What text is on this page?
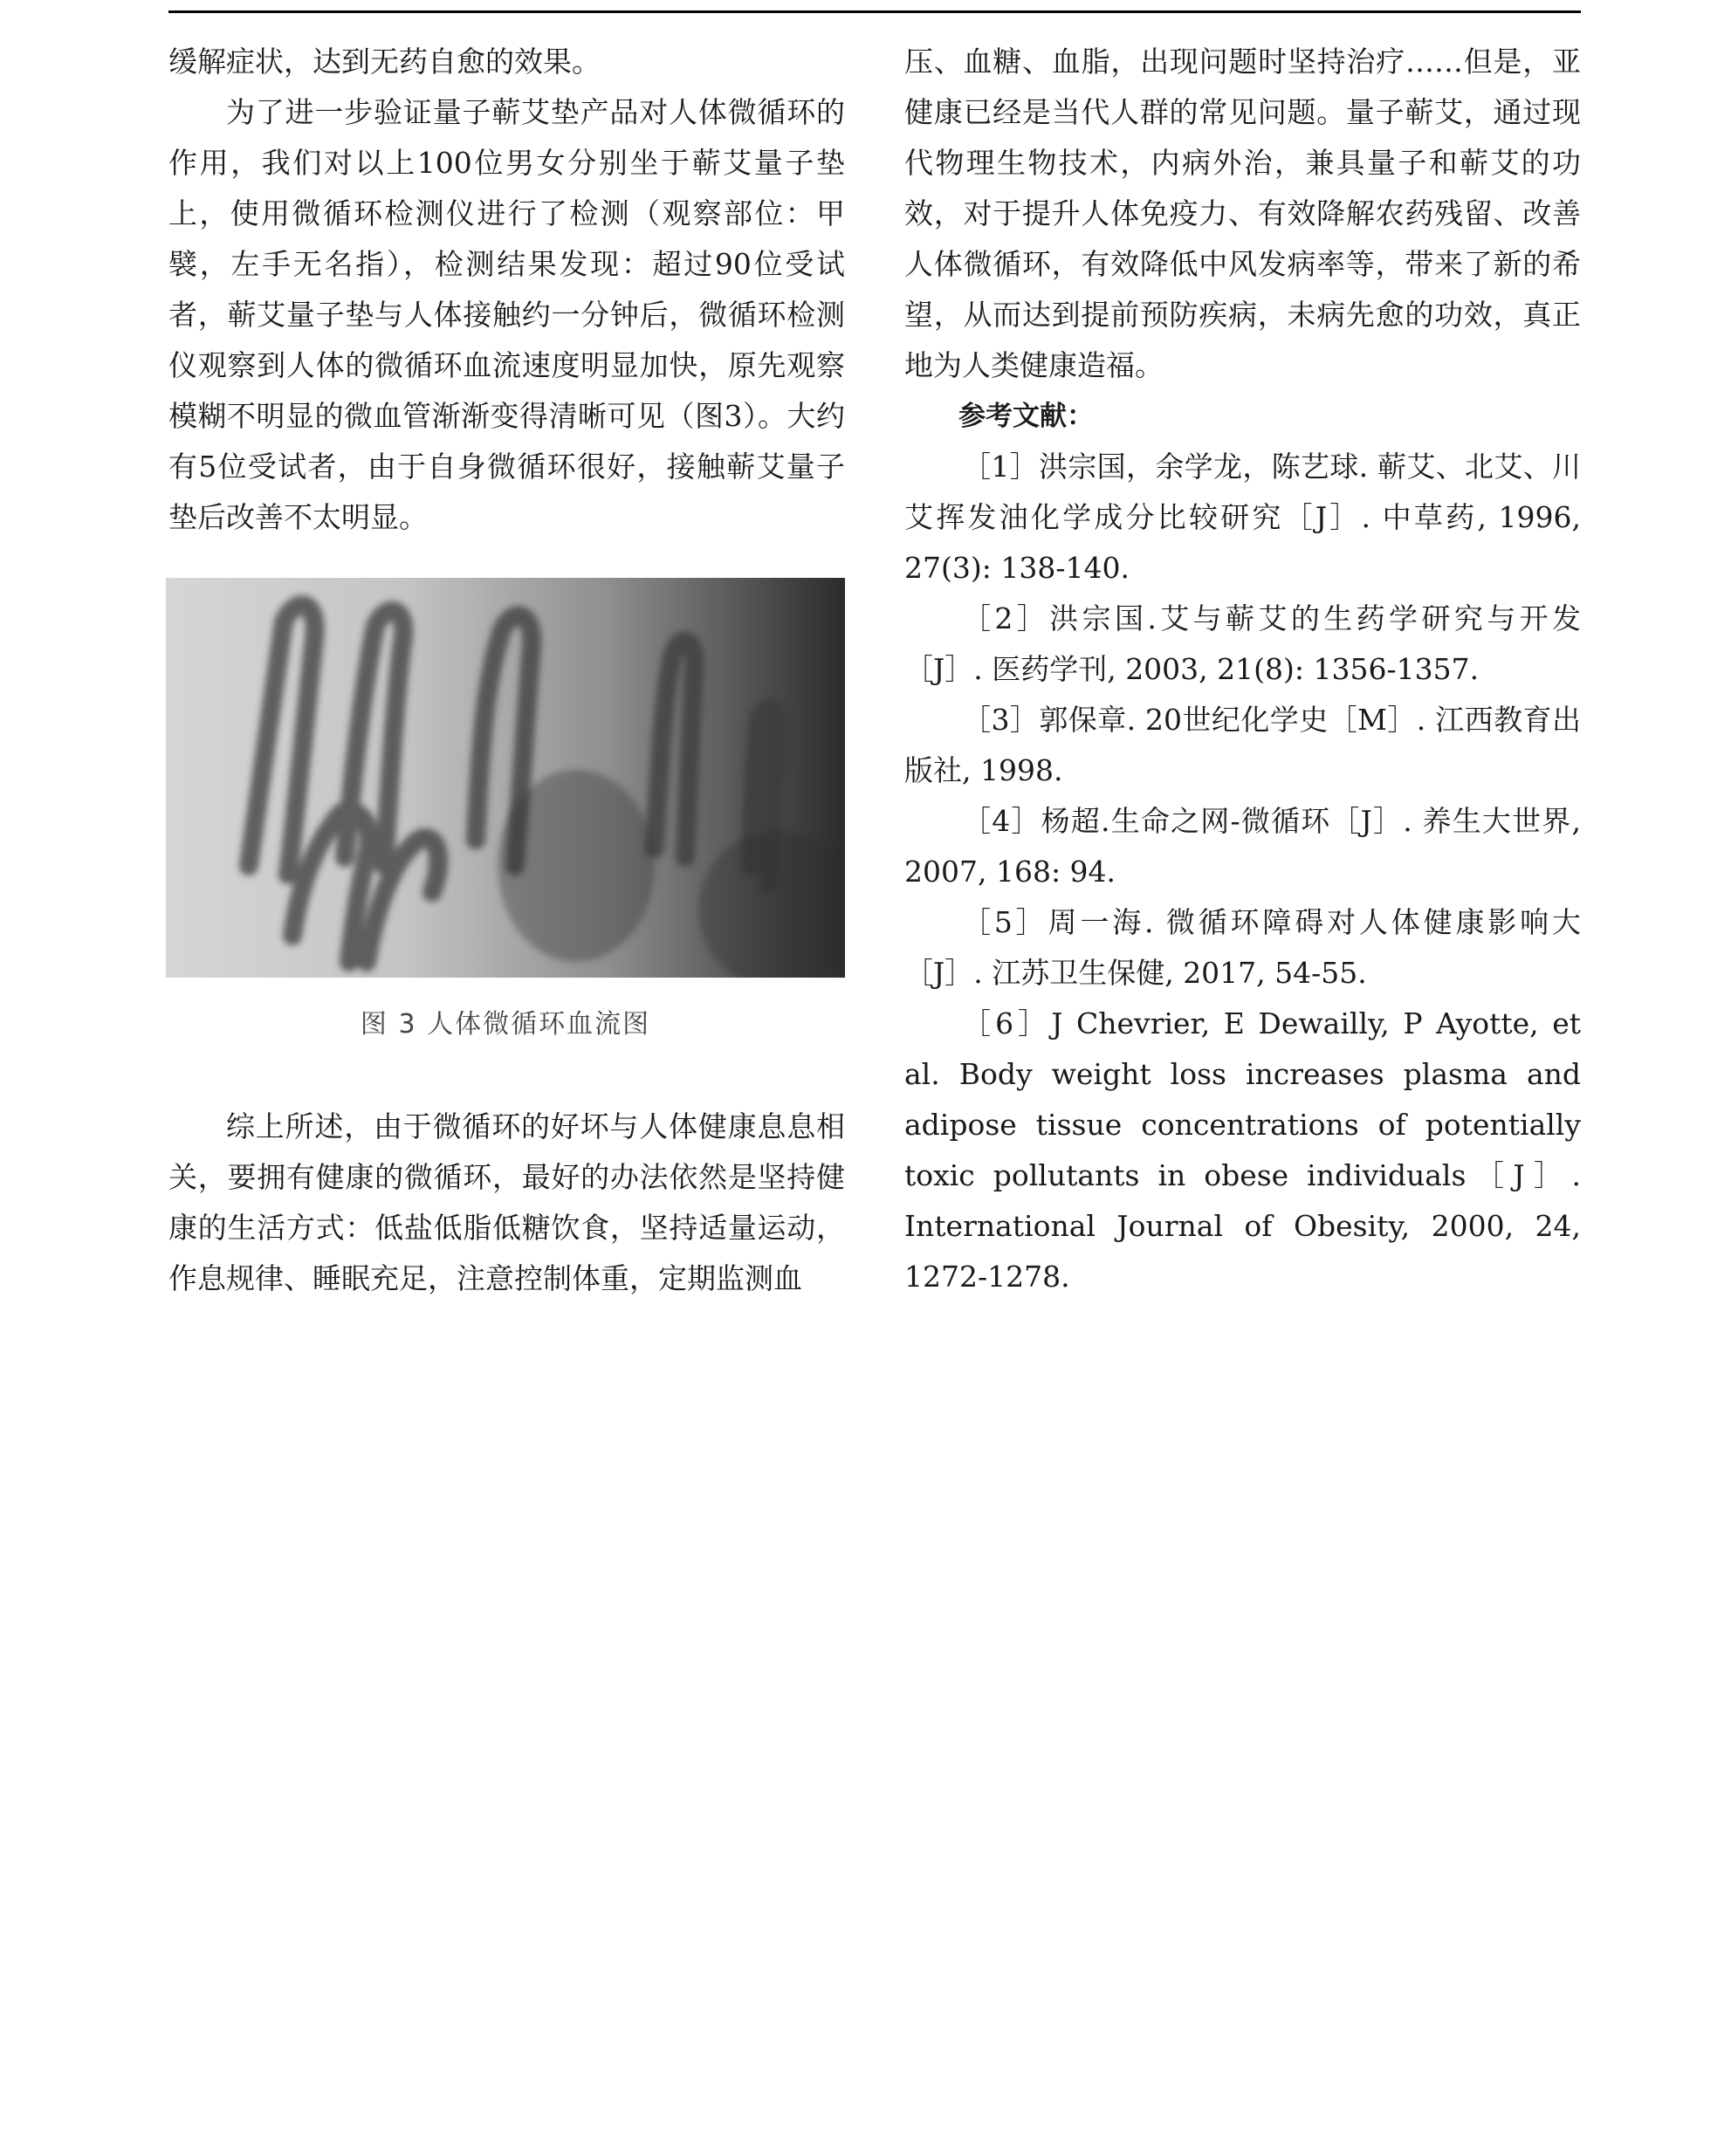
缓解症状，达到无药自愈的效果。

为了进一步验证量子蕲艾垫产品对人体微循环的作用，我们对以上100位男女分别坐于蕲艾量子垫上，使用微循环检测仪进行了检测（观察部位：甲襞，左手无名指），检测结果发现：超过90位受试者，蕲艾量子垫与人体接触约一分钟后，微循环检测仪观察到人体的微循环血流速度明显加快，原先观察模糊不明显的微血管渐渐变得清晰可见（图3）。大约有5位受试者，由于自身微循环很好，接触蕲艾量子垫后改善不太明显。

图 3 人体微循环血流图

综上所述，由于微循环的好坏与人体健康息息相关，要拥有健康的微循环，最好的办法依然是坚持健康的生活方式：低盐低脂低糖饮食，坚持适量运动，作息规律、睡眠充足，注意控制体重，定期监测血

压、血糖、血脂，出现问题时坚持治疗……但是，亚健康已经是当代人群的常见问题。量子蕲艾，通过现代物理生物技术，内病外治，兼具量子和蕲艾的功效，对于提升人体免疫力、有效降解农药残留、改善人体微循环，有效降低中风发病率等，带来了新的希望，从而达到提前预防疾病，未病先愈的功效，真正地为人类健康造福。

参考文献：

［1］洪宗国，余学龙，陈艺球. 蕲艾、北艾、川艾挥发油化学成分比较研究［J］. 中草药, 1996, 27(3): 138-140.

［2］洪宗国.艾与蕲艾的生药学研究与开发［J］. 医药学刊, 2003, 21(8): 1356-1357.

［3］郭保章. 20世纪化学史［M］. 江西教育出版社, 1998.

［4］杨超.生命之网-微循环［J］. 养生大世界, 2007, 168: 94.

［5］周一海. 微循环障碍对人体健康影响大［J］. 江苏卫生保健, 2017, 54-55.

［6］J Chevrier, E Dewailly, P Ayotte, et al. Body weight loss increases plasma and adipose tissue concentrations of potentially toxic pollutants in obese individuals［J］. International Journal of Obesity, 2000, 24, 1272-1278.
